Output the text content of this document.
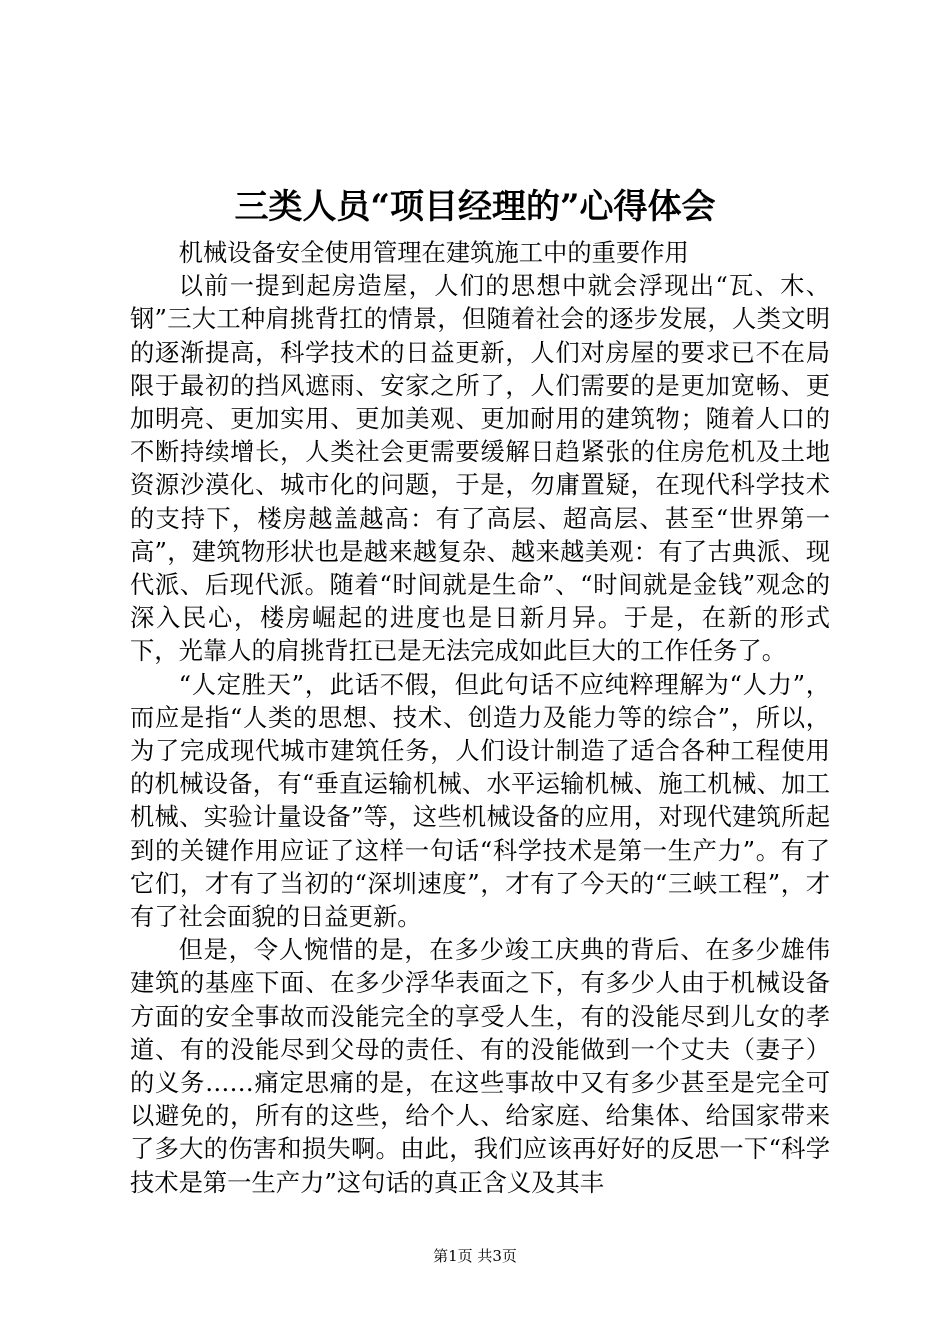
三类人员“项目经理的”心得体会

机械设备安全使用管理在建筑施工中的重要作用

以前一提到起房造屋，人们的思想中就会浮现出“瓦、木、钢”三大工种肩挑背扛的情景，但随着社会的逐步发展，人类文明的逐渐提高，科学技术的日益更新，人们对房屋的要求已不在局限于最初的挡风遮雨、安家之所了，人们需要的是更加宽畅、更加明亮、更加实用、更加美观、更加耐用的建筑物；随着人口的不断持续增长，人类社会更需要缓解日趋紧张的住房危机及土地资源沙漠化、城市化的问题，于是，勿庸置疑，在现代科学技术的支持下，楼房越盖越高：有了高层、超高层、甚至“世界第一高”，建筑物形状也是越来越复杂、越来越美观：有了古典派、现代派、后现代派。随着“时间就是生命”、“时间就是金钱”观念的深入民心，楼房崛起的进度也是日新月异。于是，在新的形式下，光靠人的肩挑背扛已是无法完成如此巨大的工作任务了。

“人定胜天”，此话不假，但此句话不应纯粹理解为“人力”，而应是指“人类的思想、技术、创造力及能力等的综合”，所以，为了完成现代城市建筑任务，人们设计制造了适合各种工程使用的机械设备，有“垂直运输机械、水平运输机械、施工机械、加工机械、实验计量设备”等，这些机械设备的应用，对现代建筑所起到的关键作用应证了这样一句话“科学技术是第一生产力”。有了它们，才有了当初的“深圳速度”，才有了今天的“三峡工程”，才有了社会面貌的日益更新。

但是，令人惋惜的是，在多少竣工庆典的背后、在多少雄伟建筑的基座下面、在多少浮华表面之下，有多少人由于机械设备方面的安全事故而没能完全的享受人生，有的没能尽到儿女的孝道、有的没能尽到父母的责任、有的没能做到一个丈夫（妻子）的义务……痛定思痛的是，在这些事故中又有多少甚至是完全可以避免的，所有的这些，给个人、给家庭、给集体、给国家带来了多大的伤害和损失啊。由此，我们应该再好好的反思一下“科学技术是第一生产力”这句话的真正含义及其丰

第1页 共3页
